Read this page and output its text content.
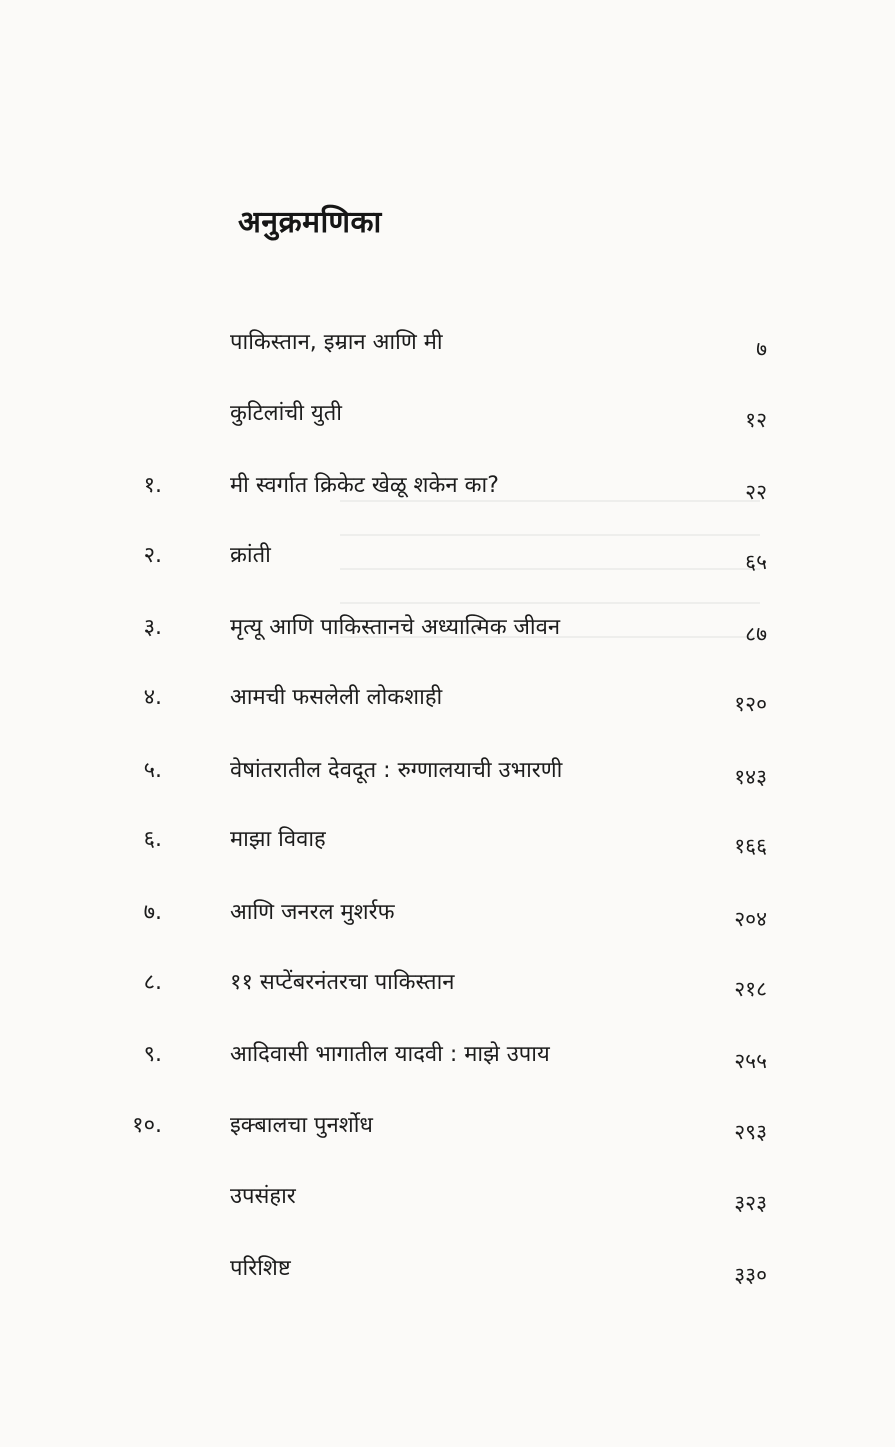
अनुक्रमणिका
पाकिस्तान, इम्रान आणि मी	७
कुटिलांची युती	१२
१.	मी स्वर्गात क्रिकेट खेळू शकेन का?	२२
२.	क्रांती	६५
३.	मृत्यू आणि पाकिस्तानचे अध्यात्मिक जीवन	८७
४.	आमची फसलेली लोकशाही	१२०
५.	वेषांतरातील देवदूत : रुग्णालयाची उभारणी	१४३
६.	माझा विवाह	१६६
७.	आणि जनरल मुशर्रफ	२०४
८.	११ सप्टेंबरनंतरचा पाकिस्तान	२१८
९.	आदिवासी भागातील यादवी : माझे उपाय	२५५
१०.	इक्बालचा पुनर्शोध	२९३
उपसंहार	३२३
परिशिष्ट	३३०
